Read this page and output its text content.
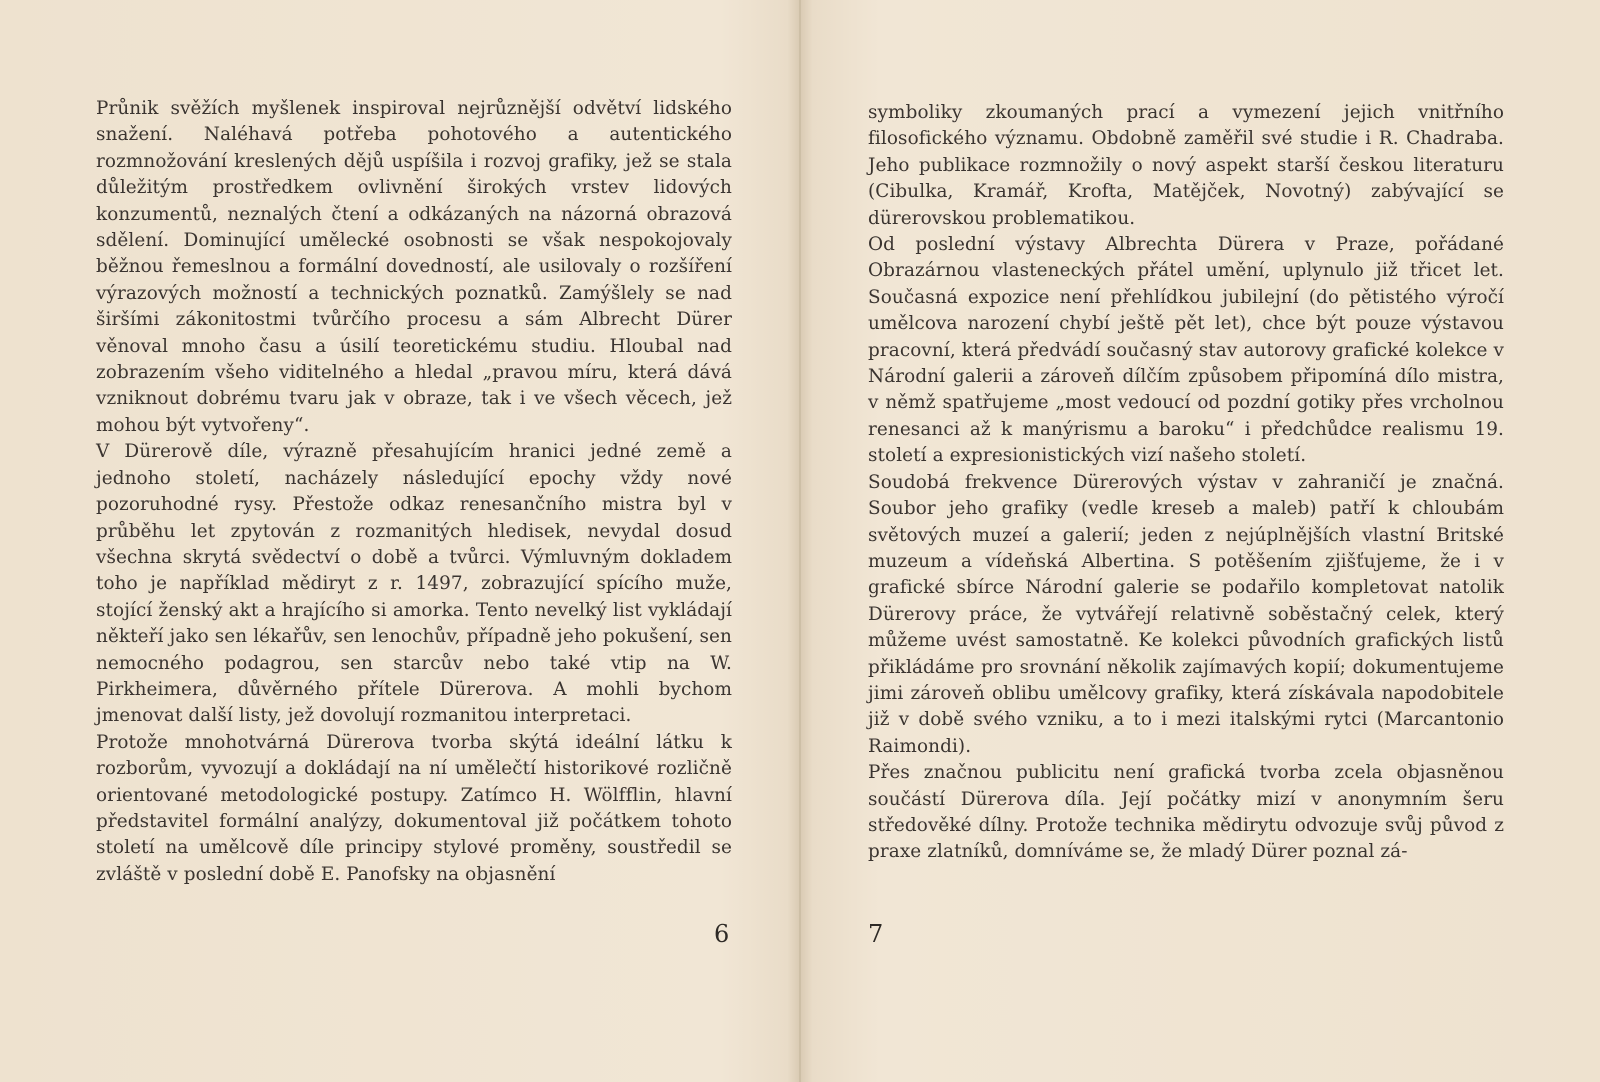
Průnik svěžích myšlenek inspiroval nejrůznější odvětví lidského snažení. Naléhavá potřeba pohotového a autentického rozmnožování kreslených dějů uspíšila i rozvoj grafiky, jež se stala důležitým prostředkem ovlivnění širokých vrstev lidových konzumentů, neznalých čtení a odkázaných na názorná obrazová sdělení. Dominující umělecké osobnosti se však nespokojovaly běžnou řemeslnou a formální dovedností, ale usilovaly o rozšíření výrazových možností a technických poznatků. Zamýšlely se nad širšími zákonitostmi tvůrčího procesu a sám Albrecht Dürer věnoval mnoho času a úsilí teoretickému studiu. Hloubal nad zobrazením všeho viditelného a hledal „pravou míru, která dává vzniknout dobrému tvaru jak v obraze, tak i ve všech věcech, jež mohou být vytvořeny“.

V Dürerově díle, výrazně přesahujícím hranici jedné země a jednoho století, nacházely následující epochy vždy nové pozoruhodné rysy. Přestože odkaz renesančního mistra byl v průběhu let zpytován z rozmanitých hledisek, nevydal dosud všechna skrytá svědectví o době a tvůrci. Výmluvným dokladem toho je například mědiryt z r. 1497, zobrazující spícího muže, stojící ženský akt a hrajícího si amorka. Tento nevelký list vykládají někteří jako sen lékařův, sen lenochův, případně jeho pokušení, sen nemocného podagrou, sen starcův nebo také vtip na W. Pirkheimera, důvěrného přítele Dürerova. A mohli bychom jmenovat další listy, jež dovolují rozmanitou interpretaci.

Protože mnohotvárná Dürerova tvorba skýtá ideální látku k rozborům, vyvozují a dokládají na ní umělečtí historikové rozličně orientované metodologické postupy. Zatímco H. Wölfflin, hlavní představitel formální analýzy, dokumentoval již počátkem tohoto století na umělcově díle principy stylové proměny, soustředil se zvláště v poslední době E. Panofsky na objasnění

symboliky zkoumaných prací a vymezení jejich vnitřního filosofického významu. Obdobně zaměřil své studie i R. Chadraba. Jeho publikace rozmnožily o nový aspekt starší českou literaturu (Cibulka, Kramář, Krofta, Matějček, Novotný) zabývající se dürerovskou problematikou.

Od poslední výstavy Albrechta Dürera v Praze, pořádané Obrazárnou vlasteneckých přátel umění, uplynulo již třicet let. Současná expozice není přehlídkou jubilejní (do pětistého výročí umělcova narození chybí ještě pět let), chce být pouze výstavou pracovní, která předvádí současný stav autorovy grafické kolekce v Národní galerii a zároveň dílčím způsobem připomíná dílo mistra, v němž spatřujeme „most vedoucí od pozdní gotiky přes vrcholnou renesanci až k manýrismu a baroku“ i předchůdce realismu 19. století a expresionistických vizí našeho století.

Soudobá frekvence Dürerových výstav v zahraničí je značná. Soubor jeho grafiky (vedle kreseb a maleb) patří k chloubám světových muzeí a galerií; jeden z nejúplnějších vlastní Britské muzeum a vídeňská Albertina. S potěšením zjišťujeme, že i v grafické sbírce Národní galerie se podařilo kompletovat natolik Dürerovy práce, že vytvářejí relativně soběstačný celek, který můžeme uvést samostatně. Ke kolekci původních grafických listů přikládáme pro srovnání několik zajímavých kopií; dokumentujeme jimi zároveň oblibu umělcovy grafiky, která získávala napodobitele již v době svého vzniku, a to i mezi italskými rytci (Marcantonio Raimondi).

Přes značnou publicitu není grafická tvorba zcela objasněnou součástí Dürerova díla. Její počátky mizí v anonymním šeru středověké dílny. Protože technika mědirytu odvozuje svůj původ z praxe zlatníků, domníváme se, že mladý Dürer poznal zá-

6	7
